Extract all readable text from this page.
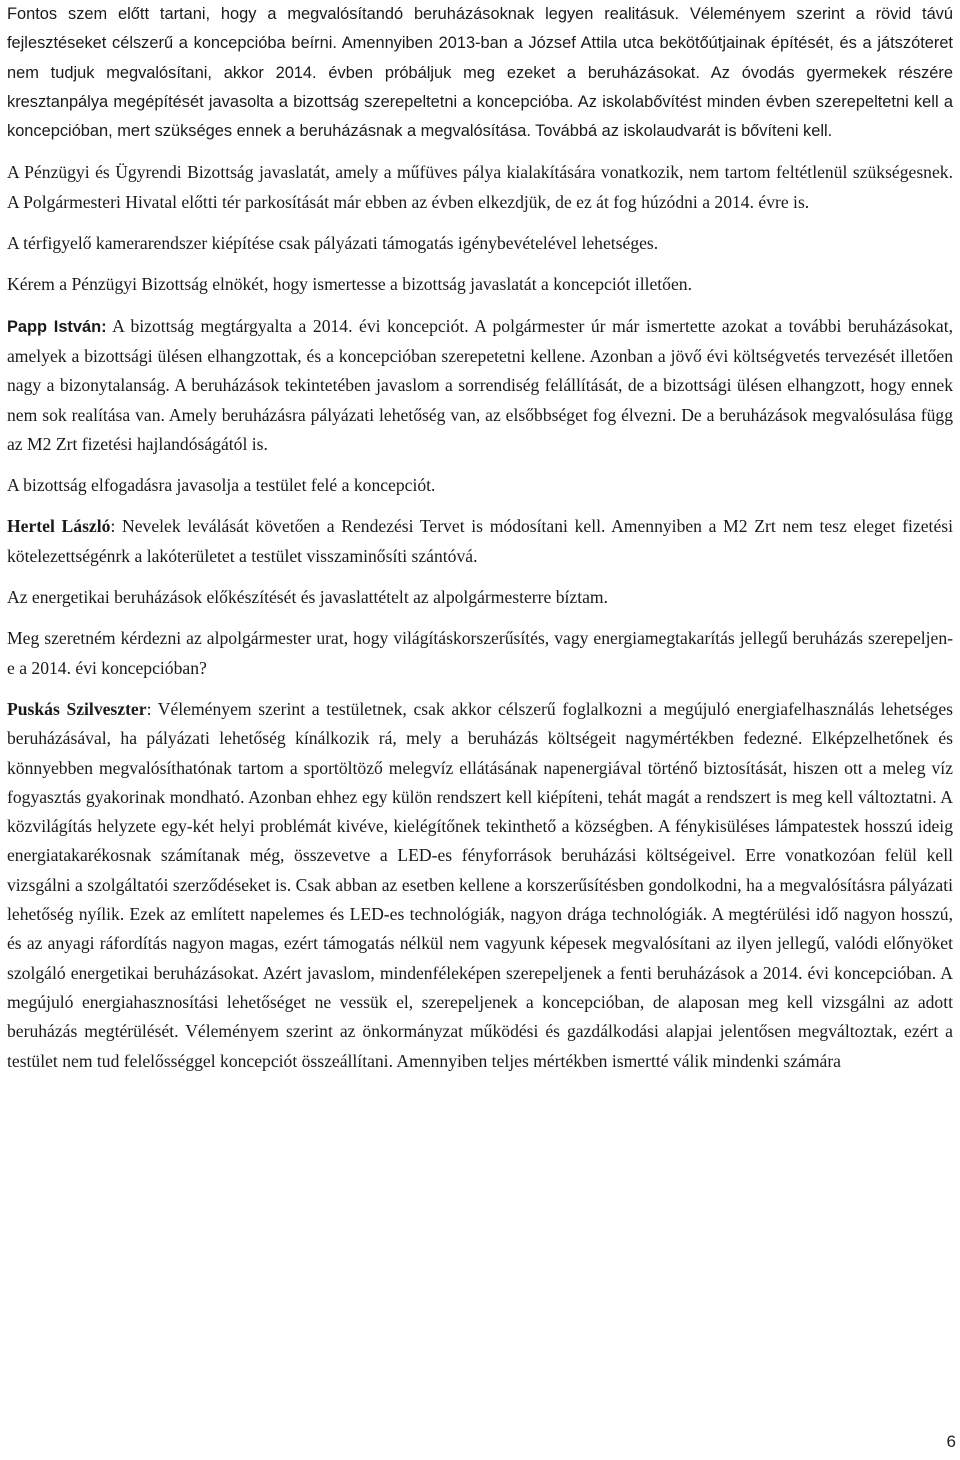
Fontos szem előtt tartani, hogy a megvalósítandó beruházásoknak legyen realitásuk. Véleményem szerint a rövid távú fejlesztéseket célszerű a koncepcióba beírni. Amennyiben 2013-ban a József Attila utca bekötőútjainak építését, és a játszóteret nem tudjuk megvalósítani, akkor 2014. évben próbáljuk meg ezeket a beruházásokat. Az óvodás gyermekek részére kresztanpálya megépítését javasolta a bizottság szerepeltetni a koncepcióba. Az iskolabővítést minden évben szerepeltetni kell a koncepcióban, mert szükséges ennek a beruházásnak a megvalósítása. Továbbá az iskolaudvarát is bővíteni kell.

A Pénzügyi és Ügyrendi Bizottság javaslatát, amely a műfüves pálya kialakítására vonatkozik, nem tartom feltétlenül szükségesnek. A Polgármesteri Hivatal előtti tér parkosítását már ebben az évben elkezdjük, de ez át fog húzódni a 2014. évre is.

A térfigyelő kamerarendszer kiépítése csak pályázati támogatás igénybevételével lehetséges.

Kérem a Pénzügyi Bizottság elnökét, hogy ismertesse a bizottság javaslatát a koncepciót illetően.

Papp István: A bizottság megtárgyalta a 2014. évi koncepciót. A polgármester úr már ismertette azokat a további beruházásokat, amelyek a bizottsági ülésen elhangzottak, és a koncepcióban szerepetetni kellene. Azonban a jövő évi költségvetés tervezését illetően nagy a bizonytalanság. A beruházások tekintetében javaslom a sorrendiség felállítását, de a bizottsági ülésen elhangzott, hogy ennek nem sok realítása van. Amely beruházásra pályázati lehetőség van, az elsőbbséget fog élvezni. De a beruházások megvalósulása függ az M2 Zrt fizetési hajlandóságától is.

A bizottság elfogadásra javasolja a testület felé a koncepciót.

Hertel László: Nevelek leválását követően a Rendezési Tervet is módosítani kell. Amennyiben a M2 Zrt nem tesz eleget fizetési kötelezettségénrk a lakóterületet a testület visszaminősíti szántóvá.

Az energetikai beruházások előkészítését és javaslattételt az alpolgármesterre bíztam.

Meg szeretném kérdezni az alpolgármester urat, hogy világításkorszerűsítés, vagy energiamegtakarítás jellegű beruházás szerepeljen-e a 2014. évi koncepcióban?

Puskás Szilveszter: Véleményem szerint a testületnek, csak akkor célszerű foglalkozni a megújuló energiafelhasználás lehetséges beruházásával, ha pályázati lehetőség kínálkozik rá, mely a beruházás költségeit nagymértékben fedezné. Elképzelhetőnek és könnyebben megvalósíthatónak tartom a sportöltöző melegvíz ellátásának napenergiával történő biztosítását, hiszen ott a meleg víz fogyasztás gyakorinak mondható. Azonban ehhez egy külön rendszert kell kiépíteni, tehát magát a rendszert is meg kell változtatni. A közvilágítás helyzete egy-két helyi problémát kivéve, kielégítőnek tekinthető a községben. A fénykisüléses lámpatestek hosszú ideig energiatakarékosnak számítanak még, összevetve a LED-es fényforrások beruházási költségeivel. Erre vonatkozóan felül kell vizsgálni a szolgáltatói szerződéseket is. Csak abban az esetben kellene a korszerűsítésben gondolkodni, ha a megvalósításra pályázati lehetőség nyílik. Ezek az említett napelemes és LED-es technológiák, nagyon drága technológiák. A megtérülési idő nagyon hosszú, és az anyagi ráfordítás nagyon magas, ezért támogatás nélkül nem vagyunk képesek megvalósítani az ilyen jellegű, valódi előnyöket szolgáló energetikai beruházásokat. Azért javaslom, mindenféleképen szerepeljenek a fenti beruházások a 2014. évi koncepcióban. A megújuló energiahasznosítási lehetőséget ne vessük el, szerepeljenek a koncepcióban, de alaposan meg kell vizsgálni az adott beruházás megtérülését. Véleményem szerint az önkormányzat működési és gazdálkodási alapjai jelentősen megváltoztak, ezért a testület nem tud felelősséggel koncepciót összeállítani. Amennyiben teljes mértékben ismertté válik mindenki számára

6
